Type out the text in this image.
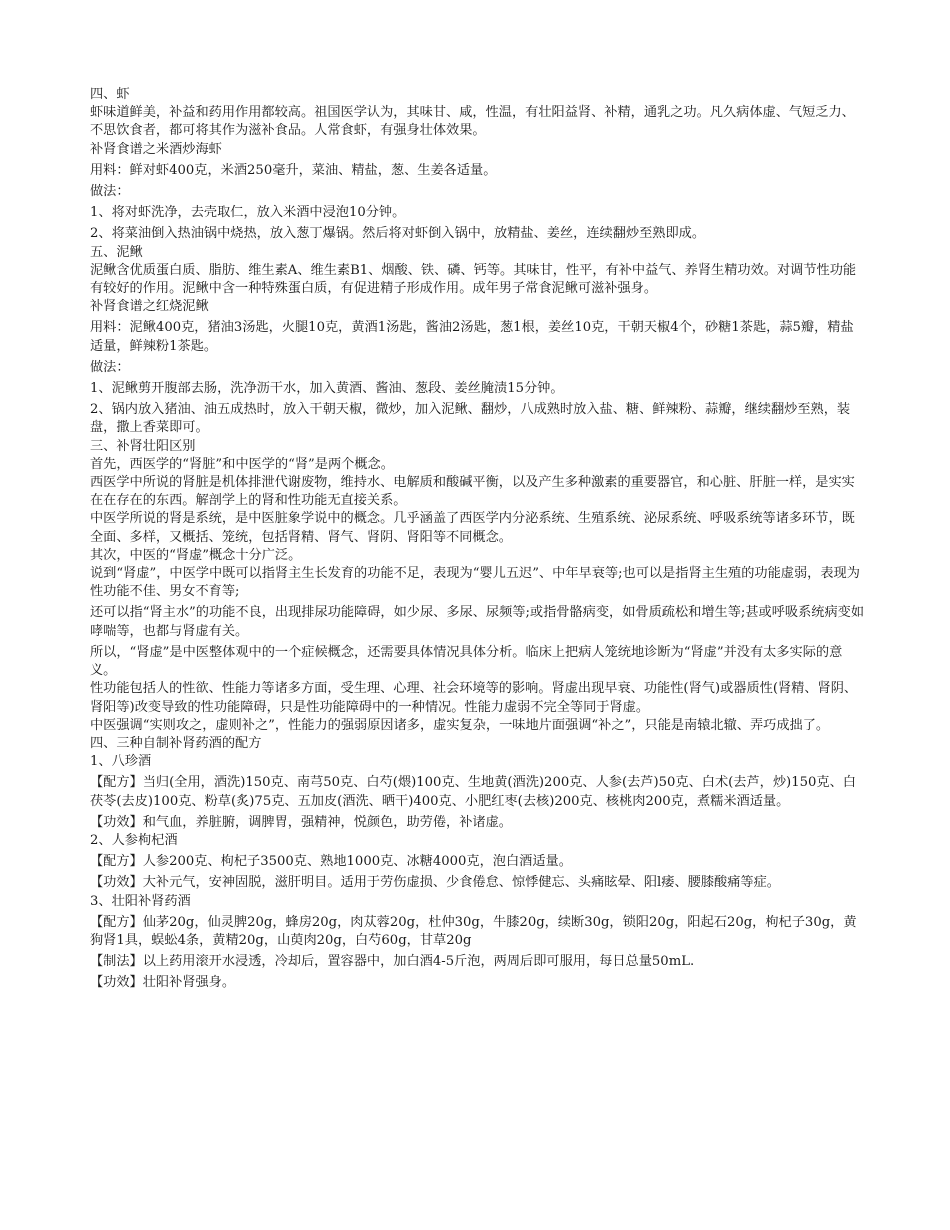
四、虾

虾味道鲜美，补益和药用作用都较高。祖国医学认为，其味甘、咸，性温，有壮阳益肾、补精，通乳之功。凡久病体虚、气短乏力、不思饮食者，都可将其作为滋补食品。人常食虾，有强身壮体效果。

补肾食谱之米酒炒海虾

用料：鲜对虾400克，米酒250毫升，菜油、精盐，葱、生姜各适量。

做法：

1、将对虾洗净，去壳取仁，放入米酒中浸泡10分钟。

2、将菜油倒入热油锅中烧热，放入葱丁爆锅。然后将对虾倒入锅中，放精盐、姜丝，连续翻炒至熟即成。

五、泥鳅

泥鳅含优质蛋白质、脂肪、维生素A、维生素B1、烟酸、铁、磷、钙等。其味甘，性平，有补中益气、养肾生精功效。对调节性功能有较好的作用。泥鳅中含一种特殊蛋白质，有促进精子形成作用。成年男子常食泥鳅可滋补强身。

补肾食谱之红烧泥鳅

用料：泥鳅400克，猪油3汤匙，火腿10克，黄酒1汤匙，酱油2汤匙，葱1根，姜丝10克，干朝天椒4个，砂糖1茶匙，蒜5瓣，精盐适量，鲜辣粉1茶匙。

做法：

1、泥鳅剪开腹部去肠，洗净沥干水，加入黄酒、酱油、葱段、姜丝腌渍15分钟。

2、锅内放入猪油、油五成热时，放入干朝天椒，微炒，加入泥鳅、翻炒，八成熟时放入盐、糖、鲜辣粉、蒜瓣，继续翻炒至熟，装盘，撒上香菜即可。

三、补肾壮阳区别

首先，西医学的“肾脏”和中医学的“肾”是两个概念。

西医学中所说的肾脏是机体排泄代谢废物，维持水、电解质和酸碱平衡，以及产生多种激素的重要器官，和心脏、肝脏一样，是实实在在存在的东西。解剖学上的肾和性功能无直接关系。

中医学所说的肾是系统，是中医脏象学说中的概念。几乎涵盖了西医学内分泌系统、生殖系统、泌尿系统、呼吸系统等诸多环节，既全面、多样，又概括、笼统，包括肾精、肾气、肾阴、肾阳等不同概念。

其次，中医的“肾虚”概念十分广泛。

说到“肾虚”，中医学中既可以指肾主生长发育的功能不足，表现为“婴儿五迟”、中年早衰等;也可以是指肾主生殖的功能虚弱，表现为性功能不佳、男女不育等;

还可以指“肾主水”的功能不良，出现排尿功能障碍，如少尿、多尿、尿频等;或指骨骼病变，如骨质疏松和增生等;甚或呼吸系统病变如哮喘等，也都与肾虚有关。

所以，“肾虚”是中医整体观中的一个症候概念，还需要具体情况具体分析。临床上把病人笼统地诊断为“肾虚”并没有太多实际的意义。

性功能包括人的性欲、性能力等诸多方面，受生理、心理、社会环境等的影响。肾虚出现早衰、功能性(肾气)或器质性(肾精、肾阴、肾阳等)改变导致的性功能障碍，只是性功能障碍中的一种情况。性能力虚弱不完全等同于肾虚。

中医强调“实则攻之，虚则补之”，性能力的强弱原因诸多，虚实复杂，一味地片面强调“补之”，只能是南辕北辙、弄巧成拙了。

四、三种自制补肾药酒的配方

1、八珍酒

【配方】当归(全用，酒洗)150克、南芎50克、白芍(煨)100克、生地黄(酒洗)200克、人参(去芦)50克、白术(去芦，炒)150克、白茯苓(去皮)100克、粉草(炙)75克、五加皮(酒洗、晒干)400克、小肥红枣(去核)200克、核桃肉200克，煮糯米酒适量。

【功效】和气血，养脏腑，调脾胃，强精神，悦颜色，助劳倦，补诸虚。

2、人参枸杞酒

【配方】人参200克、枸杞子3500克、熟地1000克、冰糖4000克，泡白酒适量。

【功效】大补元气，安神固脱，滋肝明目。适用于劳伤虚损、少食倦怠、惊悸健忘、头痛眩晕、阳l痿、腰膝酸痛等症。

3、壮阳补肾药酒

【配方】仙茅20g，仙灵脾20g，蜂房20g，肉苁蓉20g，杜仲30g，牛膝20g，续断30g，锁阳20g，阳起石20g，枸杞子30g，黄狗肾1具，蜈蚣4条，黄精20g，山萸肉20g，白芍60g，甘草20g

【制法】以上药用滚开水浸透，冷却后，置容器中，加白酒4-5斤泡，两周后即可服用，每日总量50mL.

【功效】壮阳补肾强身。
